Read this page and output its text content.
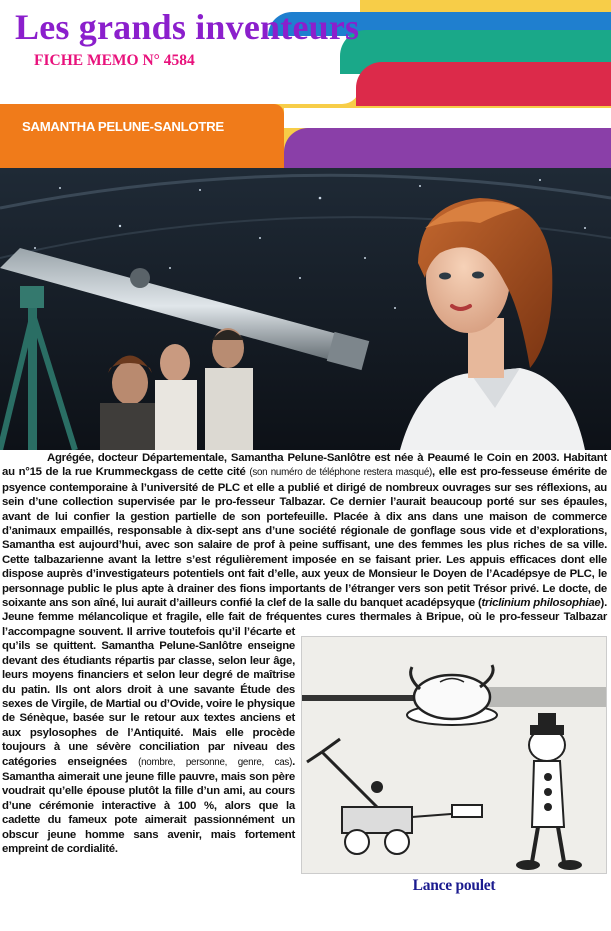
Les grands inventeurs
FICHE MEMO N° 4584
SAMANTHA PELUNE-SANLOTRE
Lance poulet

Agrégée, docteur Départementale, Samantha Pelune-Sanlôtre est née à Peaumé le Coin en 2003. Habitant au n°15 de la rue Krummeckgass de cette cité (son numéro de téléphone restera masqué), elle est pro-fesseuse émérite de psyence contemporaine à l’université de PLC et elle a publié et dirigé de nombreux ouvrages sur ses réflexions, au sein d’une collection supervisée par le pro-fesseur Talbazar. Ce dernier l’aurait beaucoup porté sur ses épaules, avant de lui confier la gestion partielle de son portefeuille. Placée à dix ans dans une maison de commerce d’animaux empaillés, responsable à dix-sept ans d’une société régionale de gonflage sous vide et d’explorations, Samantha est aujourd’hui, avec son salaire de prof à peine suffisant, une des femmes les plus riches de sa ville. Cette talbazarienne avant la lettre s’est régulièrement imposée en se faisant prier. Les appuis efficaces dont elle dispose auprès d’investigateurs potentiels ont fait d’elle, aux yeux de Monsieur le Doyen de l’Acadépsye de PLC, le personnage public le plus apte à drainer des fions importants de l’étranger vers son petit Trésor privé. Le docte, de soixante ans son aîné, lui aurait d’ailleurs confié la clef de la salle du banquet acadépsyque (triclinium philosophiae). Jeune femme mélancolique et fragile, elle fait de fréquentes cures thermales à Bripue, où le pro-fesseur Talbazar l’accompagne souvent. Il arrive toutefois qu’il l’écarte et qu’ils se quittent. Samantha Pelune-Sanlôtre enseigne devant des étudiants répartis par classe, selon leur âge, leurs moyens financiers et selon leur degré de maîtrise du patin. Ils ont alors droit à une savante Étude des sexes de Virgile, de Martial ou d’Ovide, voire le physique de Sénèque, basée sur le retour aux textes anciens et aux psylosophes de l’Antiquité. Mais elle procède toujours à une sévère conciliation par niveau des catégories enseignées (nombre, personne, genre, cas). Samantha aimerait une jeune fille pauvre, mais son père voudrait qu’elle épouse plutôt la fille d’un ami, au cours d’une cérémonie interactive à 100 %, alors que la cadette du fameux pote aimerait passionnément un obscur jeune homme sans avenir, mais fortement empreint de cordialité.
